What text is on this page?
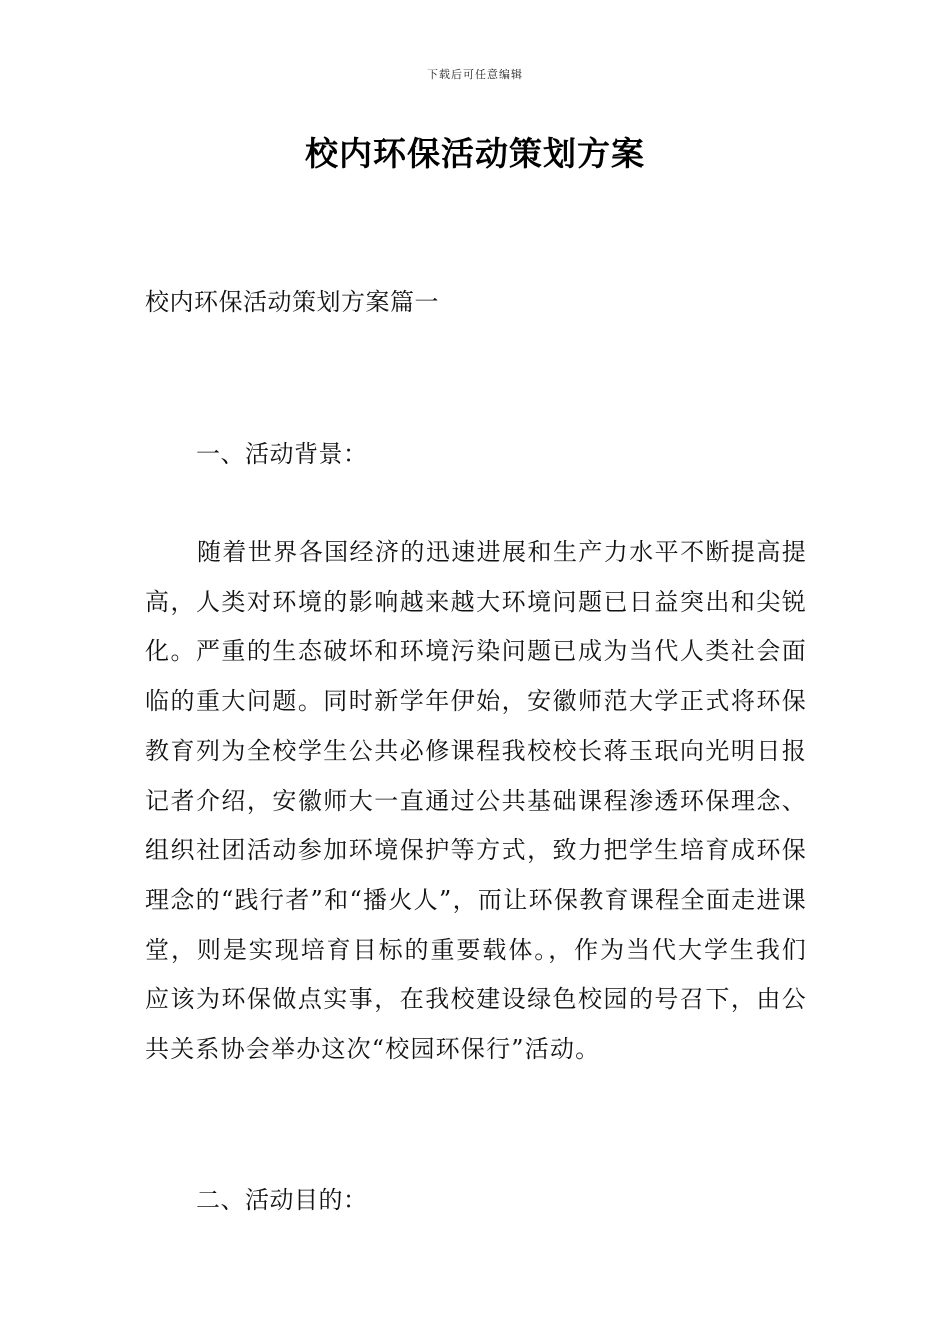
下载后可任意编辑
校内环保活动策划方案

校内环保活动策划方案篇一

一、活动背景：

随着世界各国经济的迅速进展和生产力水平不断提高提高，人类对环境的影响越来越大环境问题已日益突出和尖锐化。严重的生态破坏和环境污染问题已成为当代人类社会面临的重大问题。同时新学年伊始，安徽师范大学正式将环保教育列为全校学生公共必修课程我校校长蒋玉珉向光明日报记者介绍，安徽师大一直通过公共基础课程渗透环保理念、组织社团活动参加环境保护等方式，致力把学生培育成环保理念的“践行者”和“播火人”，而让环保教育课程全面走进课堂，则是实现培育目标的重要载体。，作为当代大学生我们应该为环保做点实事，在我校建设绿色校园的号召下，由公共关系协会举办这次“校园环保行”活动。

二、活动目的：
